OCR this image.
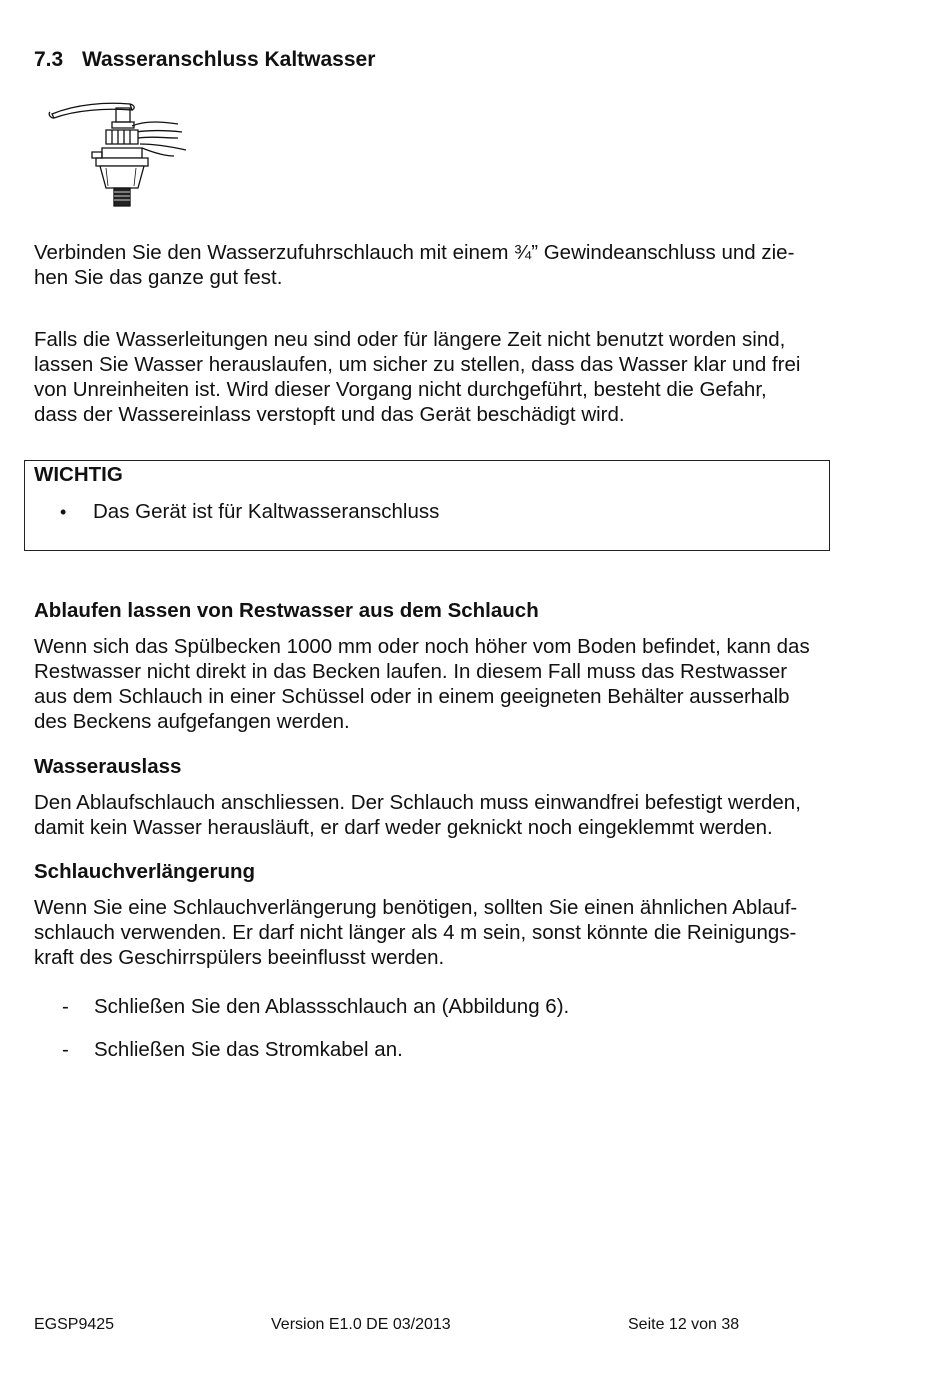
7.3 Wasseranschluss Kaltwasser
Verbinden Sie den Wasserzufuhrschlauch mit einem ¾” Gewindeanschluss und zie-
hen Sie das ganze gut fest.
Falls die Wasserleitungen neu sind oder für längere Zeit nicht benutzt worden sind,
lassen Sie Wasser herauslaufen, um sicher zu stellen, dass das Wasser klar und frei
von Unreinheiten ist. Wird dieser Vorgang nicht durchgeführt, besteht die Gefahr,
dass der Wassereinlass verstopft und das Gerät beschädigt wird.
WICHTIG
• Das Gerät ist für Kaltwasseranschluss
Ablaufen lassen von Restwasser aus dem Schlauch
Wenn sich das Spülbecken 1000 mm oder noch höher vom Boden befindet, kann das
Restwasser nicht direkt in das Becken laufen. In diesem Fall muss das Restwasser
aus dem Schlauch in einer Schüssel oder in einem geeigneten Behälter ausserhalb
des Beckens aufgefangen werden.
Wasserauslass
Den Ablaufschlauch anschliessen. Der Schlauch muss einwandfrei befestigt werden,
damit kein Wasser herausläuft, er darf weder geknickt noch eingeklemmt werden.
Schlauchverlängerung
Wenn Sie eine Schlauchverlängerung benötigen, sollten Sie einen ähnlichen Ablauf-
schlauch verwenden. Er darf nicht länger als 4 m sein, sonst könnte die Reinigungs-
kraft des Geschirrspülers beeinflusst werden.
- Schließen Sie den Ablassschlauch an (Abbildung 6).
- Schließen Sie das Stromkabel an.
EGSP9425	Version E1.0 DE 03/2013	Seite 12 von 38
